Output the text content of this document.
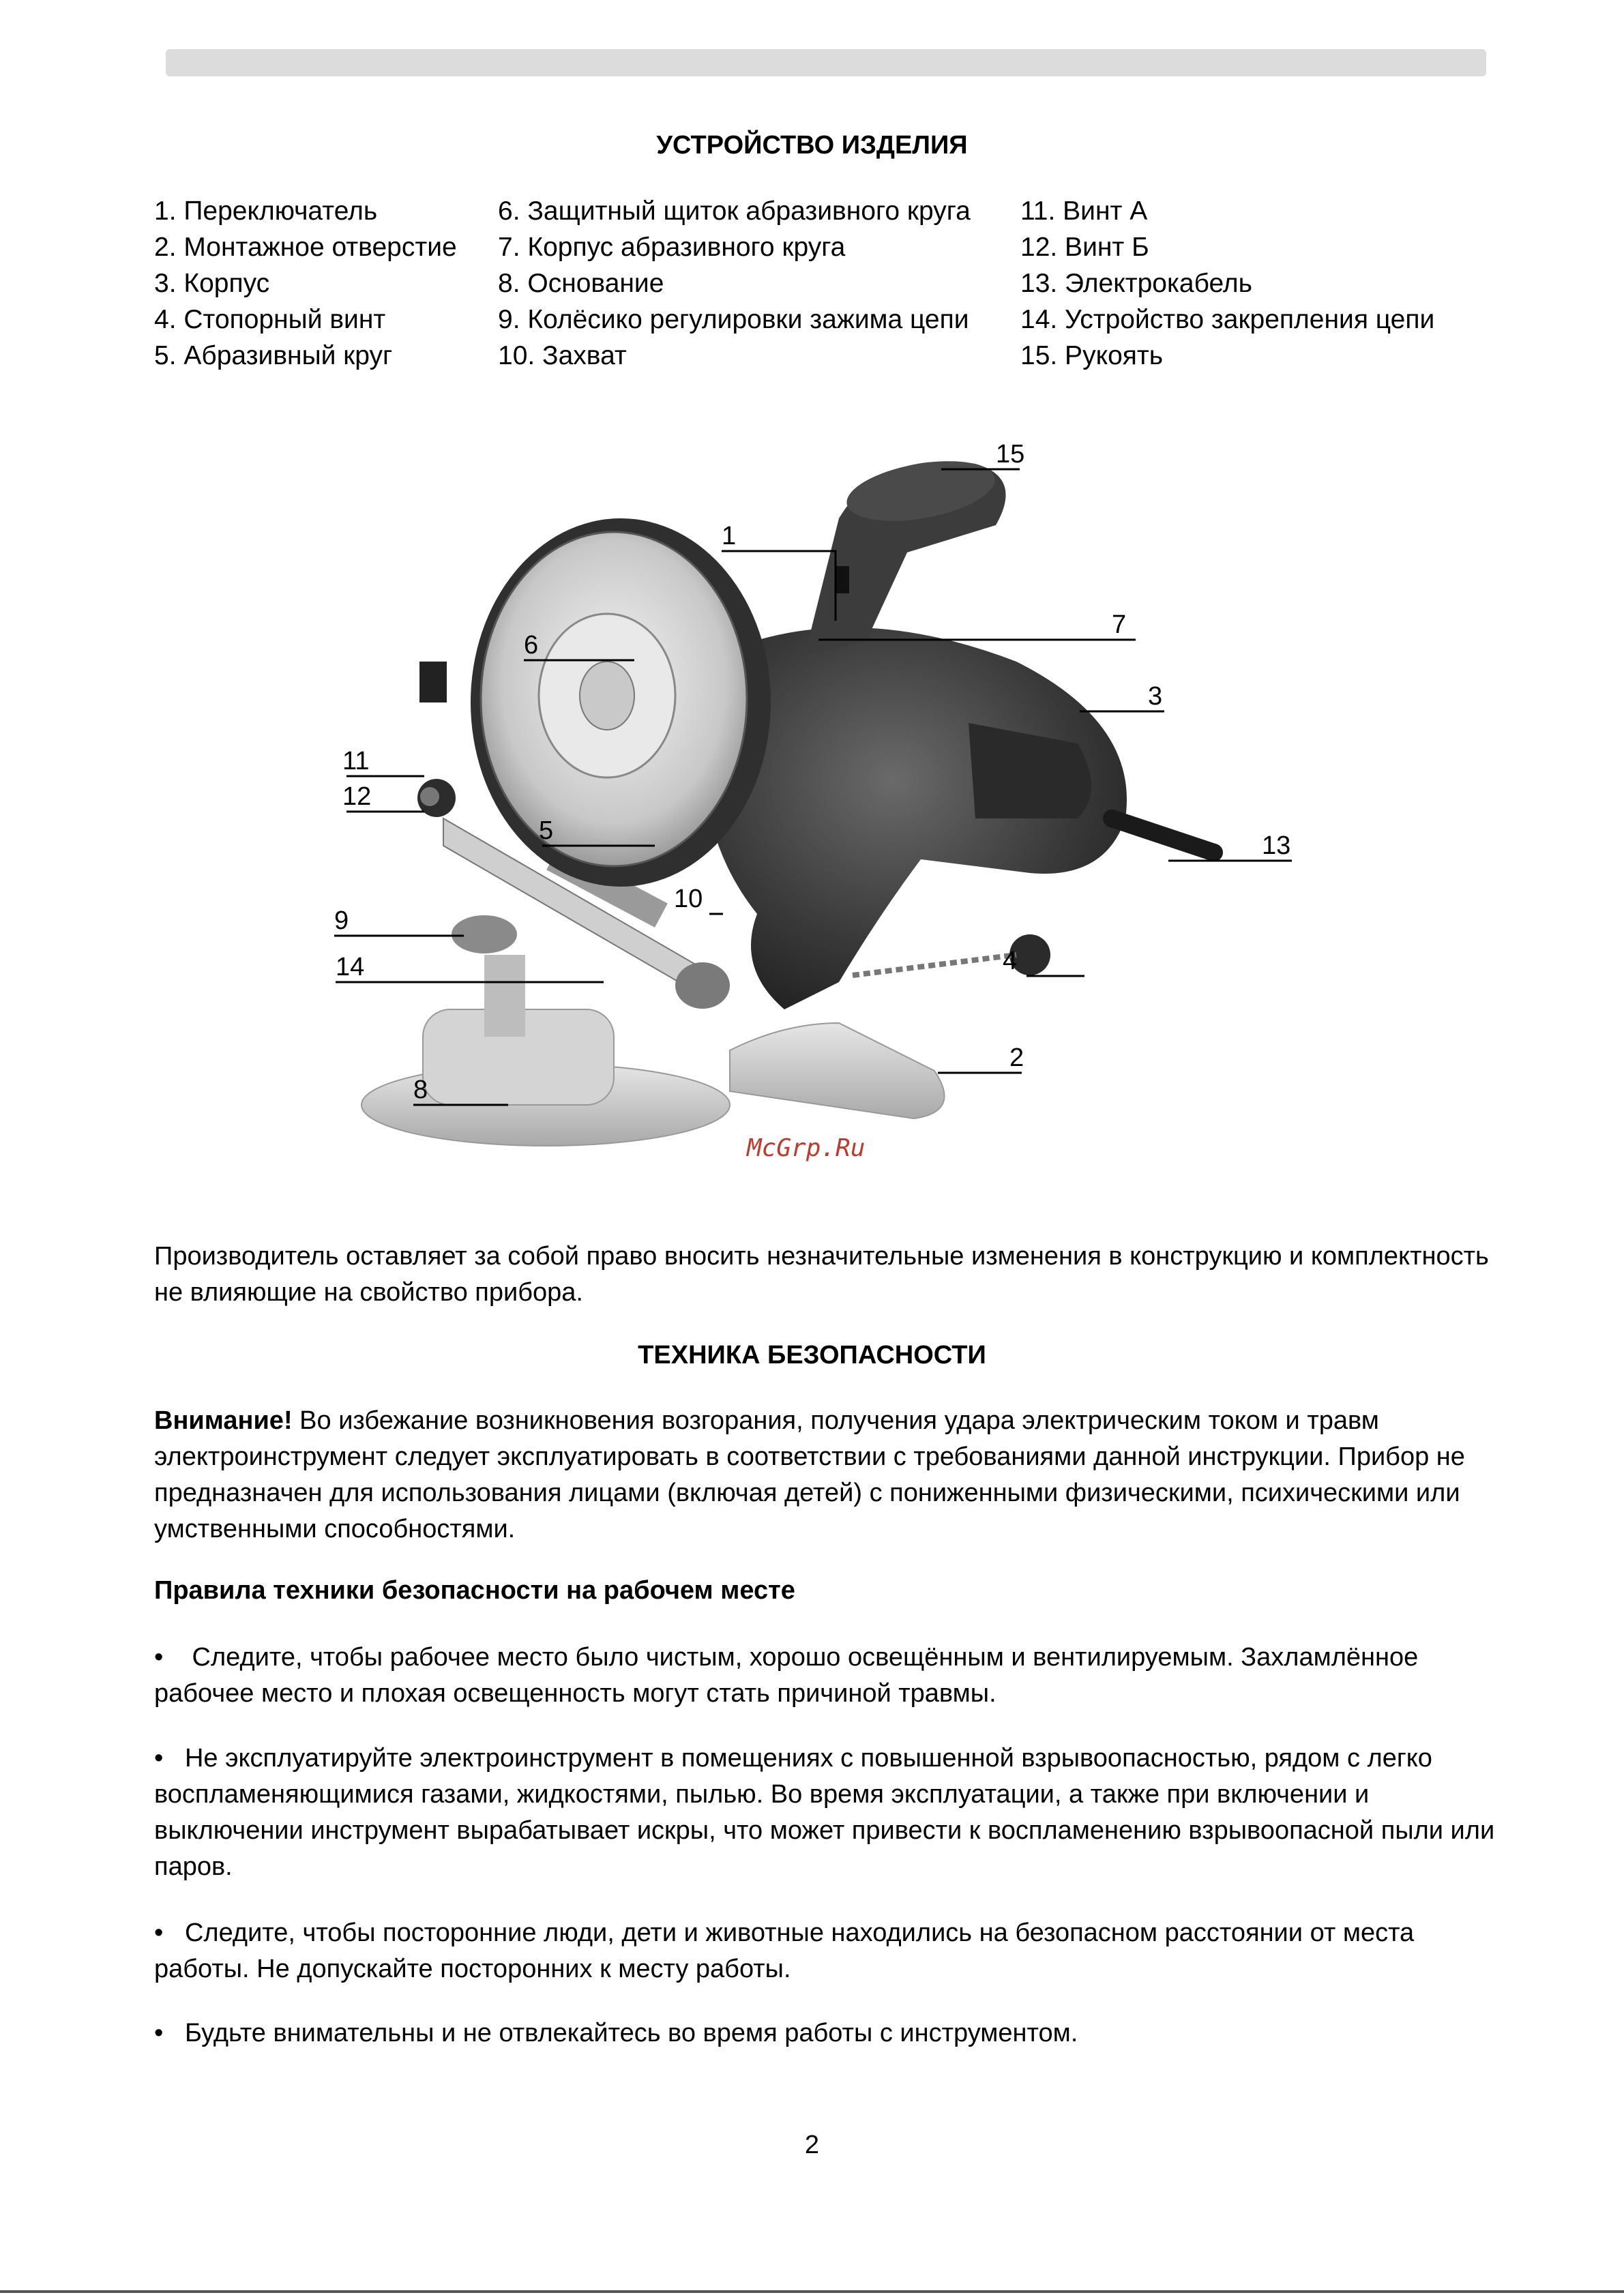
УСТРОЙСТВО ИЗДЕЛИЯ
1. Переключатель
2. Монтажное отверстие
3. Корпус
4. Стопорный винт
5. Абразивный круг
6. Защитный щиток абразивного круга
7. Корпус абразивного круга
8. Основание
9. Колёсико регулировки зажима цепи
10. Захват
11. Винт А
12. Винт Б
13. Электрокабель
14. Устройство закрепления цепи
15. Рукоять
1
2
3
4
5
6
7
8
9
10
11
12
13
14
15
McGrp.Ru
Производитель оставляет за собой право вносить незначительные изменения в конструкцию и комплектность не влияющие на свойство прибора.
ТЕХНИКА БЕЗОПАСНОСТИ
Внимание! Во избежание возникновения возгорания, получения удара электрическим током и травм электроинструмент следует эксплуатировать в соответствии с требованиями данной инструкции. Прибор не предназначен для использования лицами (включая детей) с пониженными физическими, психическими или умственными способностями.
Правила техники безопасности на рабочем месте
•    Следите, чтобы рабочее место было чистым, хорошо освещённым и вентилируемым. Захламлённое рабочее место и плохая освещенность могут стать причиной травмы.
•   Не эксплуатируйте электроинструмент в помещениях с повышенной взрывоопасностью, рядом с легко воспламеняющимися газами, жидкостями, пылью. Во время эксплуатации, а также при включении и выключении инструмент вырабатывает искры, что может привести к воспламенению взрывоопасной пыли или паров.
•   Следите, чтобы посторонние люди, дети и животные находились на безопасном расстоянии от места работы. Не допускайте посторонних к месту работы.
•   Будьте внимательны и не отвлекайтесь во время работы с инструментом.
2
